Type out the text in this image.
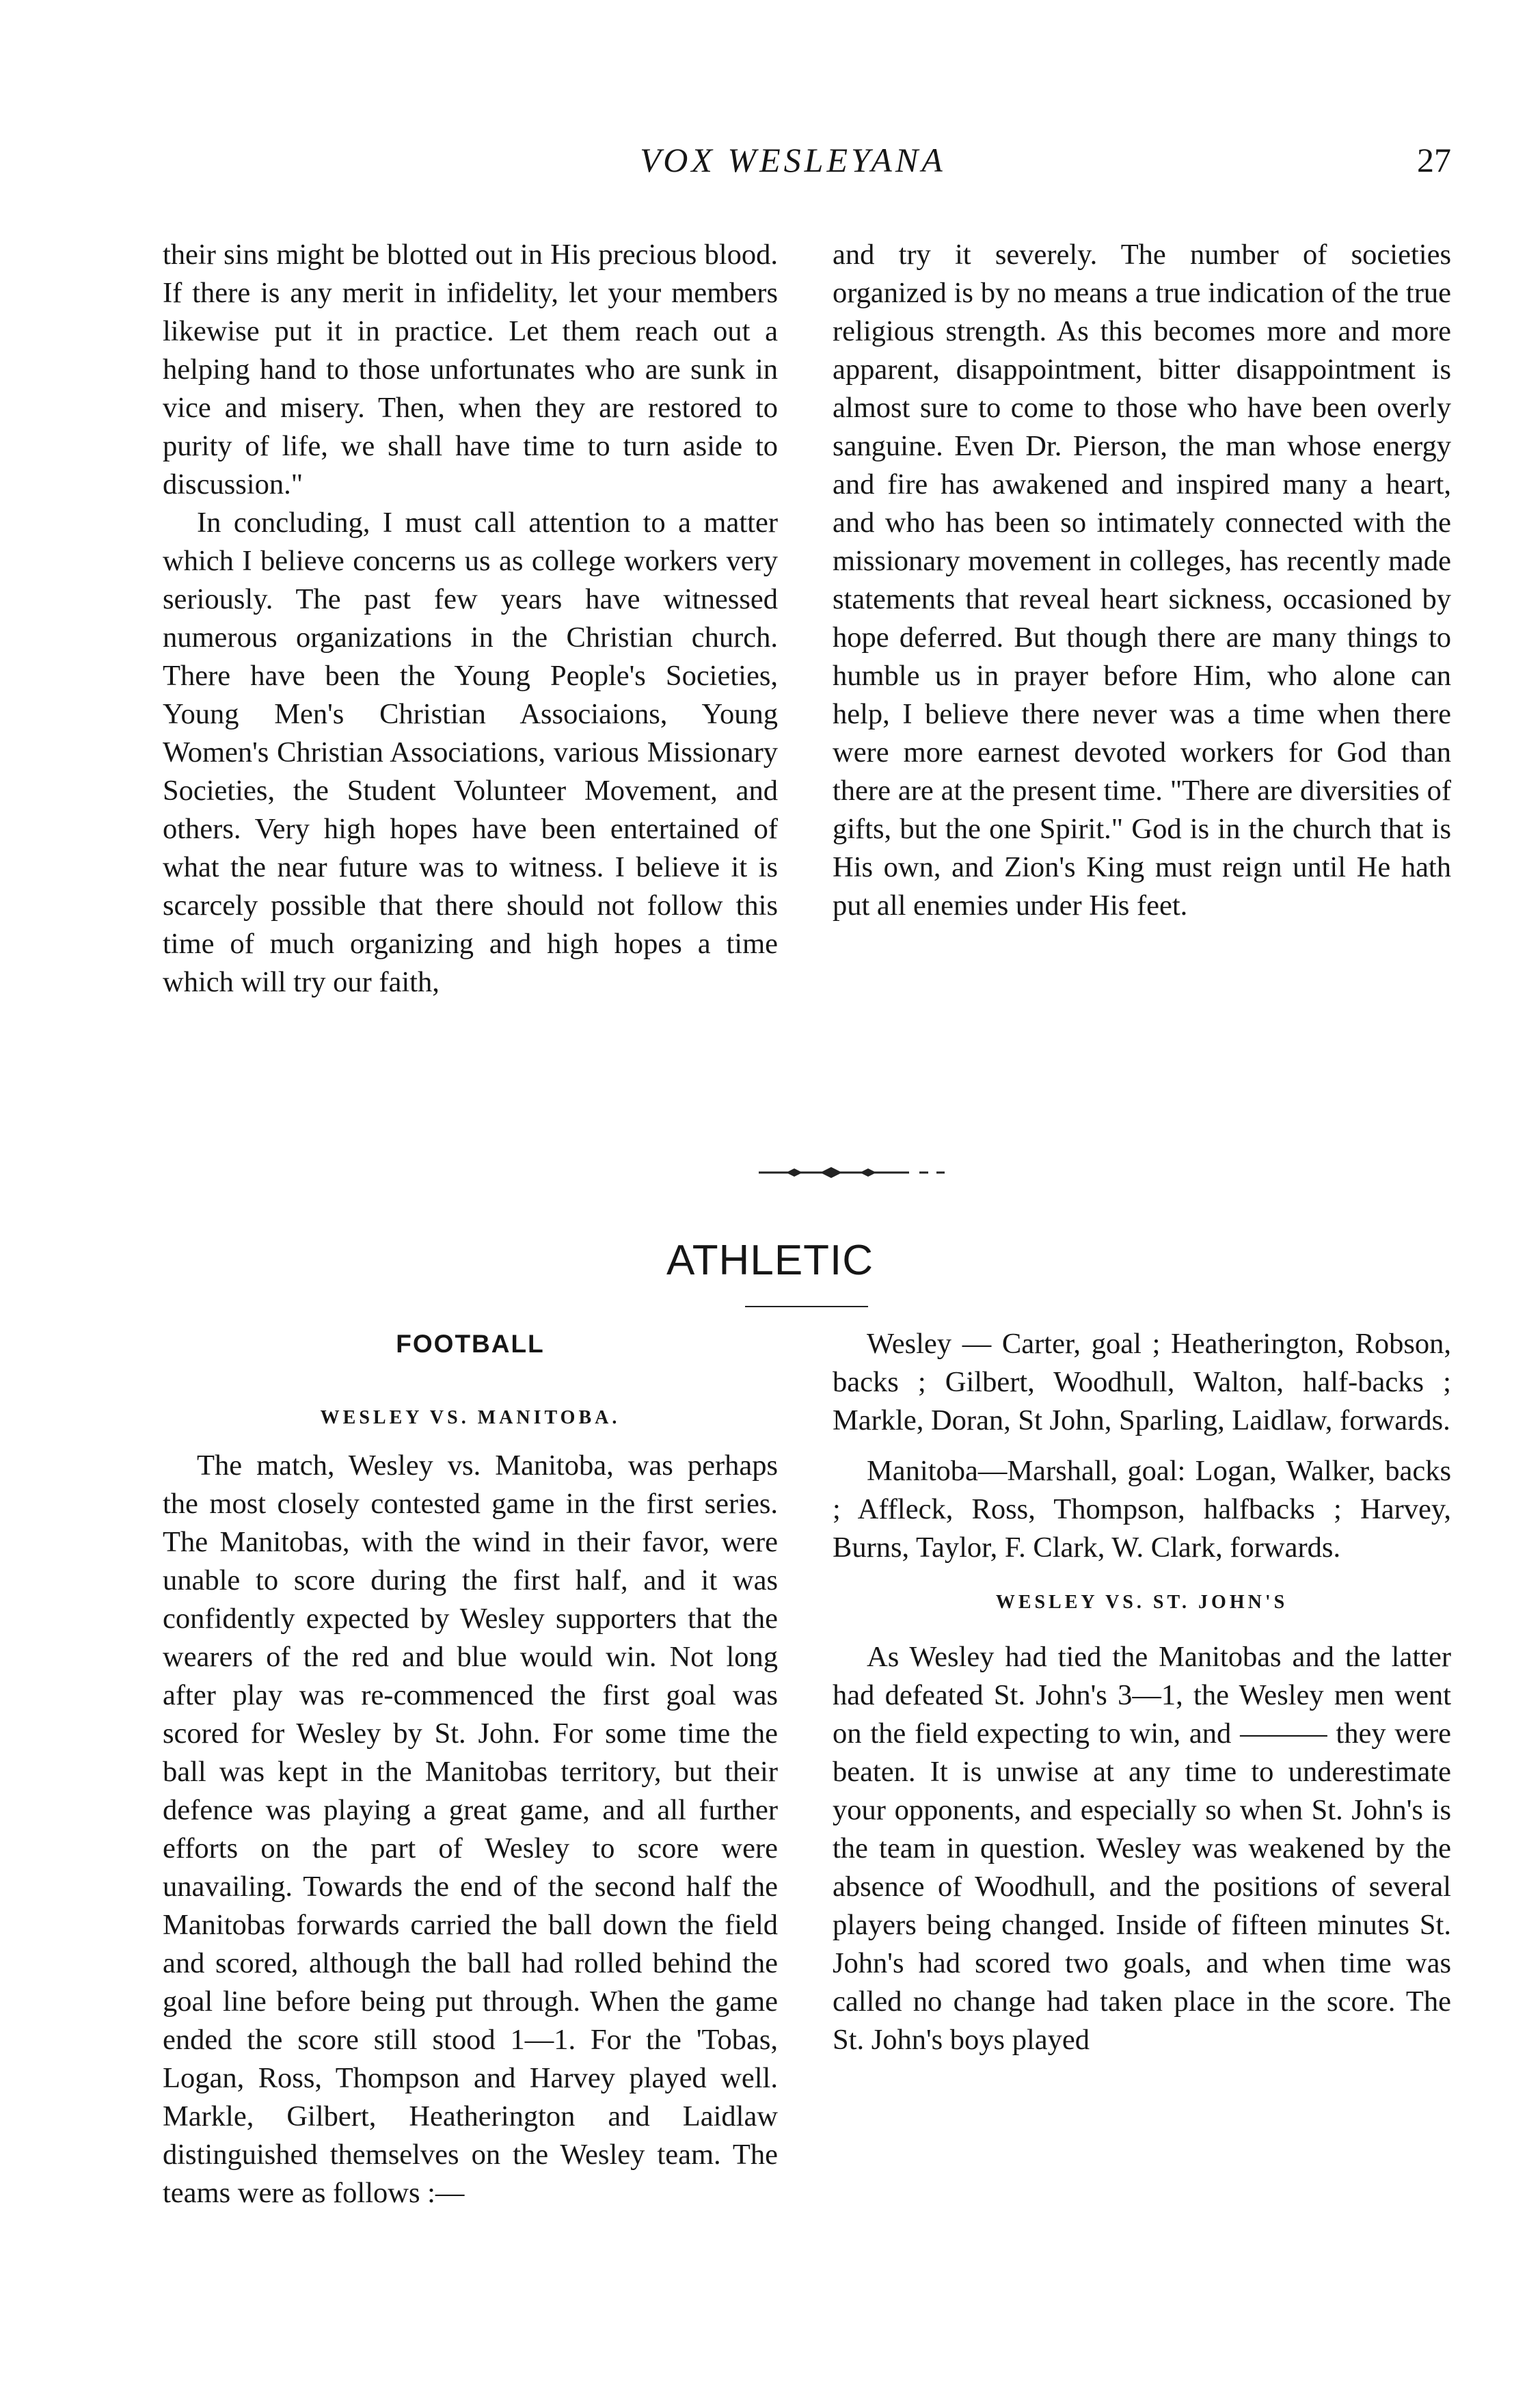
VOX WESLEYANA	27

their sins might be blotted out in His precious blood. If there is any merit in infidelity, let your members likewise put it in practice. Let them reach out a helping hand to those unfortunates who are sunk in vice and misery. Then, when they are restored to purity of life, we shall have time to turn aside to discussion."

In concluding, I must call attention to a matter which I believe concerns us as college workers very seriously. The past few years have witnessed numerous organizations in the Christian church. There have been the Young People's Societies, Young Men's Christian Associaions, Young Women's Christian Associations, various Missionary Societies, the Student Volunteer Movement, and others. Very high hopes have been entertained of what the near future was to witness. I believe it is scarcely possible that there should not follow this time of much organizing and high hopes a time which will try our faith,

and try it severely. The number of societies organized is by no means a true indication of the true religious strength. As this becomes more and more apparent, disappointment, bitter disappointment is almost sure to come to those who have been overly sanguine. Even Dr. Pierson, the man whose energy and fire has awakened and inspired many a heart, and who has been so intimately connected with the missionary movement in colleges, has recently made statements that reveal heart sickness, occasioned by hope deferred. But though there are many things to humble us in prayer before Him, who alone can help, I believe there never was a time when there were more earnest devoted workers for God than there are at the present time. "There are diversities of gifts, but the one Spirit." God is in the church that is His own, and Zion's King must reign until He hath put all enemies under His feet.

ATHLETIC
FOOTBALL
WESLEY VS. MANITOBA.

The match, Wesley vs. Manitoba, was perhaps the most closely contested game in the first series. The Manitobas, with the wind in their favor, were unable to score during the first half, and it was confidently expected by Wesley supporters that the wearers of the red and blue would win. Not long after play was re-commenced the first goal was scored for Wesley by St. John. For some time the ball was kept in the Manitobas territory, but their defence was playing a great game, and all further efforts on the part of Wesley to score were unavailing. Towards the end of the second half the Manitobas forwards carried the ball down the field and scored, although the ball had rolled behind the goal line before being put through. When the game ended the score still stood 1—1. For the 'Tobas, Logan, Ross, Thompson and Harvey played well. Markle, Gilbert, Heatherington and Laidlaw distinguished themselves on the Wesley team. The teams were as follows :—

Wesley — Carter, goal ; Heatherington, Robson, backs ; Gilbert, Woodhull, Walton, half-backs ; Markle, Doran, St John, Sparling, Laidlaw, forwards.

Manitoba—Marshall, goal: Logan, Walker, backs ; Affleck, Ross, Thompson, halfbacks ; Harvey, Burns, Taylor, F. Clark, W. Clark, forwards.

WESLEY VS. ST. JOHN'S

As Wesley had tied the Manitobas and the latter had defeated St. John's 3—1, the Wesley men went on the field expecting to win, and ——— they were beaten. It is unwise at any time to underestimate your opponents, and especially so when St. John's is the team in question. Wesley was weakened by the absence of Woodhull, and the positions of several players being changed. Inside of fifteen minutes St. John's had scored two goals, and when time was called no change had taken place in the score. The St. John's boys played
